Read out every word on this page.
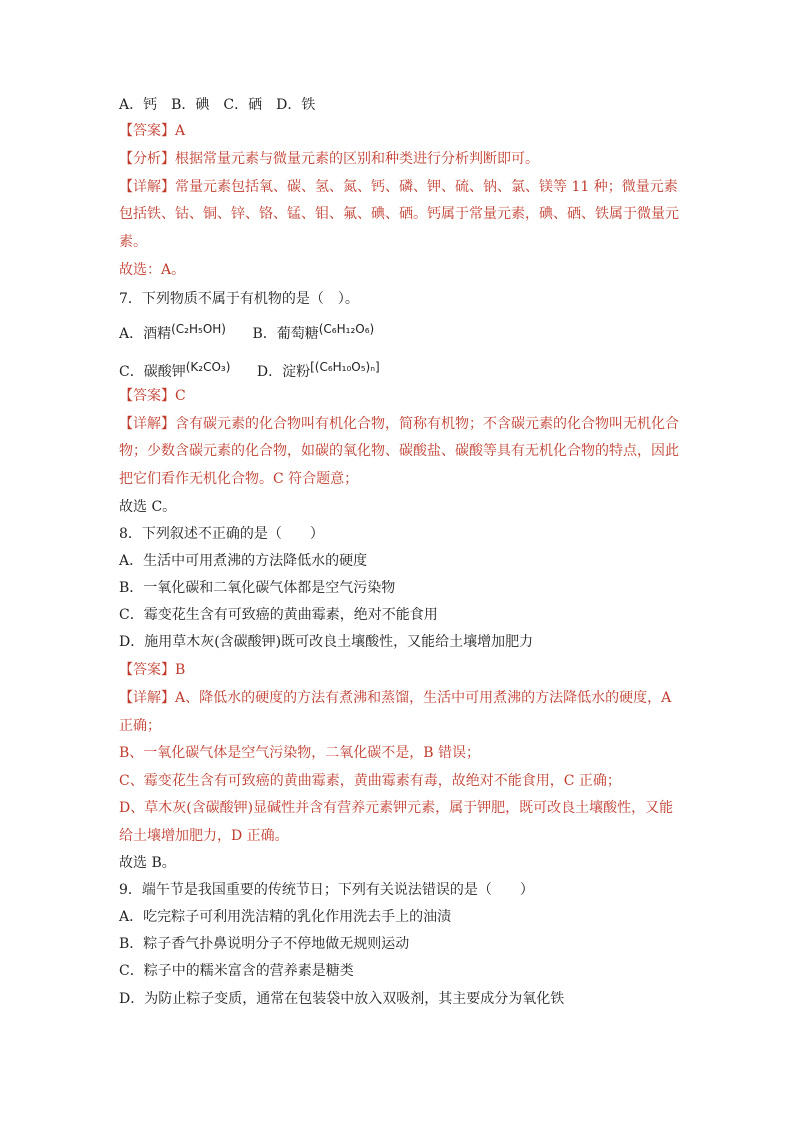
A．钙　B．碘　C．硒　D．铁
【答案】A
【分析】根据常量元素与微量元素的区别和种类进行分析判断即可。
【详解】常量元素包括氧、碳、氢、氮、钙、磷、钾、硫、钠、氯、镁等 11 种；微量元素
包括铁、钴、铜、锌、铬、锰、钼、氟、碘、硒。钙属于常量元素，碘、硒、铁属于微量元
素。
故选：A。
7．下列物质不属于有机物的是（　）。
【答案】C
【详解】含有碳元素的化合物叫有机化合物，简称有机物；不含碳元素的化合物叫无机化合
物；少数含碳元素的化合物，如碳的氧化物、碳酸盐、碳酸等具有无机化合物的特点，因此
把它们看作无机化合物。C 符合题意；
故选 C。
8．下列叙述不正确的是（　　）
A．生活中可用煮沸的方法降低水的硬度
B．一氧化碳和二氧化碳气体都是空气污染物
C．霉变花生含有可致癌的黄曲霉素，绝对不能食用
D．施用草木灰(含碳酸钾)既可改良土壤酸性，又能给土壤增加肥力
【答案】B
【详解】A、降低水的硬度的方法有煮沸和蒸馏，生活中可用煮沸的方法降低水的硬度，A
正确；
B、一氧化碳气体是空气污染物，二氧化碳不是，B 错误；
C、霉变花生含有可致癌的黄曲霉素，黄曲霉素有毒，故绝对不能食用，C 正确；
D、草木灰(含碳酸钾)显碱性并含有营养元素钾元素，属于钾肥，既可改良土壤酸性，又能
给土壤增加肥力，D 正确。
故选 B。
9．端午节是我国重要的传统节日；下列有关说法错误的是（　　）
A．吃完粽子可利用洗洁精的乳化作用洗去手上的油渍
B．粽子香气扑鼻说明分子不停地做无规则运动
C．粽子中的糯米富含的营养素是糖类
D．为防止粽子变质，通常在包装袋中放入双吸剂，其主要成分为氧化铁
A．酒精(C₂H₅OH) B．葡萄糖(C₆H₁₂O₆)
C．碳酸钾(K₂CO₃) D．淀粉[(C₆H₁₀O₅)ₙ]
